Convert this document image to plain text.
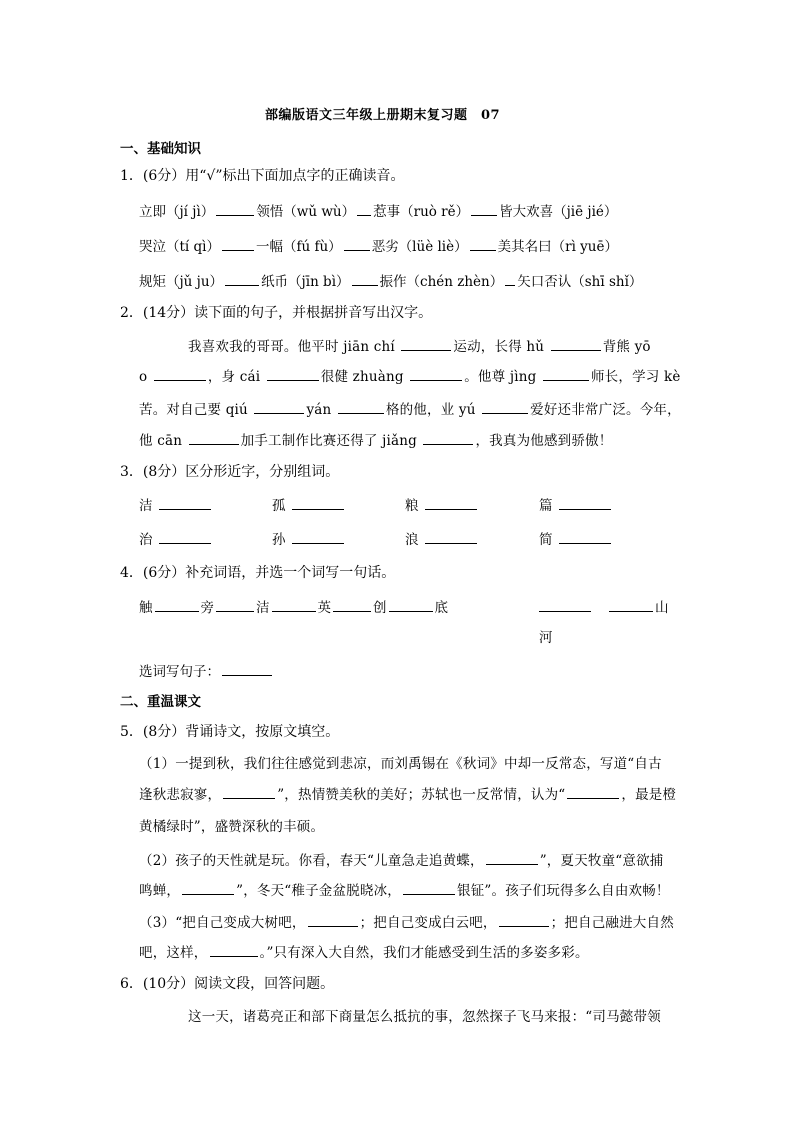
部编版语文三年级上册期末复习题　07
一、基础知识
1．(6分）用“√”标出下面加点字的正确读音。
立即（jí jì）	领悟（wǔ wù） 惹事（ruò rě） 皆大欢喜（jiē jié）
哭泣（tí qì）	一幅（fú fù） 恶劣（lüè liè） 美其名曰（rì yuē）
规矩（jǔ ju）	纸币（jīn bì） 振作（chén zhèn） 矢口否认（shī shǐ）
2．(14分）读下面的句子，并根据拼音写出汉字。
我喜欢我的哥哥。他平时 jiān chí	运动，长得 hǔ	背熊 yō
o	，身 cái	很健 zhuàng	。他尊 jìng	师长，学习 kè
苦。对自己要 qiú	yán	格的他，业 yú	爱好还非常广泛。今年，
他 cān	加手工制作比赛还得了 jiǎng	，我真为他感到骄傲！
3．(8分）区分形近字，分别组词。
洁	孤	粮	篇
治	孙	浪	简
4．(6分）补充词语，并选一个词写一句话。
触	旁	洁	英	创	底	山
河
选词写句子：
二、重温课文
5．(8分）背诵诗文，按原文填空。
（1）一提到秋，我们往往感觉到悲凉，而刘禹锡在《秋词》中却一反常态，写道“自古
逢秋悲寂寥，	”，热情赞美秋的美好；苏轼也一反常情，认为“	，最是橙
黄橘绿时”，盛赞深秋的丰硕。
（2）孩子的天性就是玩。你看，春天“儿童急走追黄蝶，	”，夏天牧童“意欲捕
鸣蝉，	”，冬天“稚子金盆脱晓冰，	银钲”。孩子们玩得多么自由欢畅！
（3）“把自己变成大树吧，	；把自己变成白云吧，	；把自己融进大自然
吧，这样，	。”只有深入大自然，我们才能感受到生活的多姿多彩。
6．(10分）阅读文段，回答问题。
这一天，诸葛亮正和部下商量怎么抵抗的事，忽然探子飞马来报：“司马懿带领
